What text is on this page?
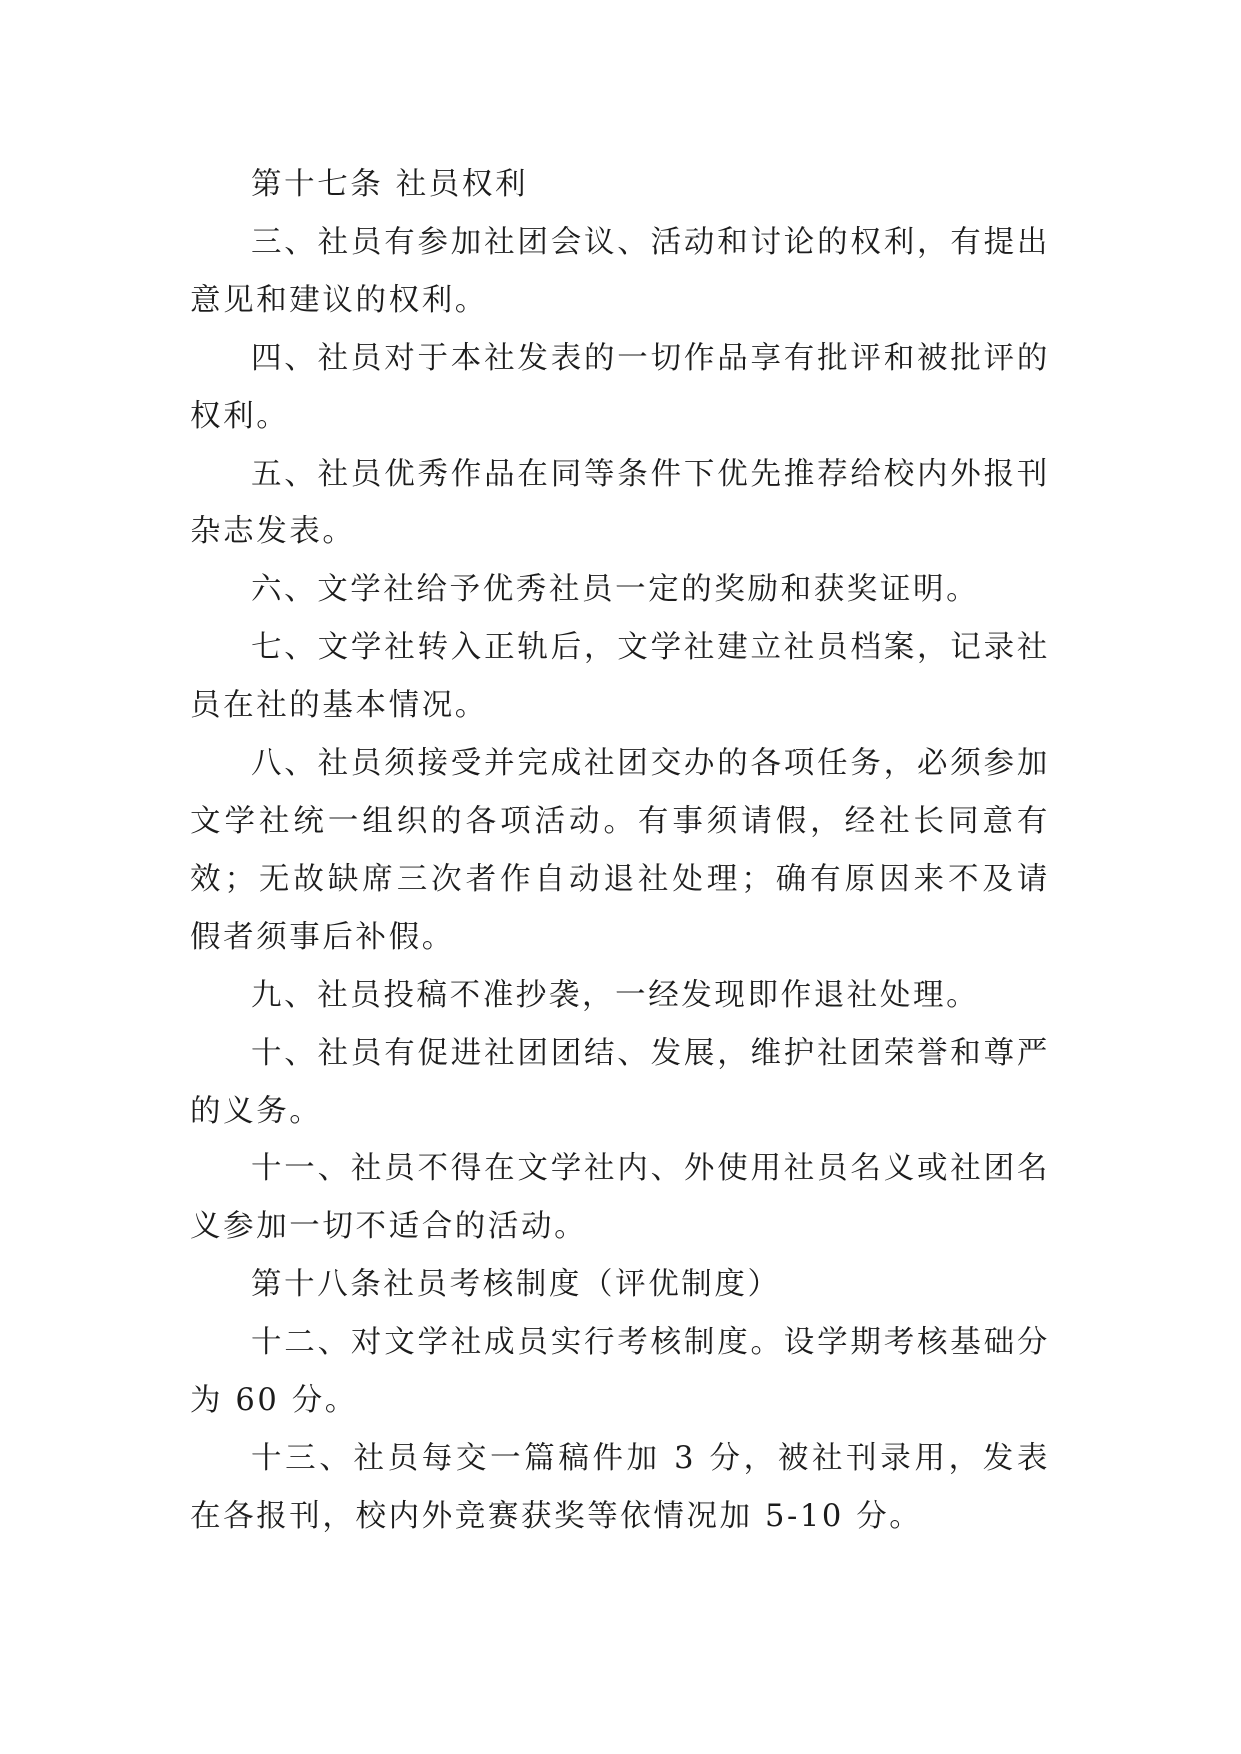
第十七条 社员权利

三、社员有参加社团会议、活动和讨论的权利，有提出意见和建议的权利。

四、社员对于本社发表的一切作品享有批评和被批评的权利。

五、社员优秀作品在同等条件下优先推荐给校内外报刊杂志发表。

六、文学社给予优秀社员一定的奖励和获奖证明。

七、文学社转入正轨后，文学社建立社员档案，记录社员在社的基本情况。

八、社员须接受并完成社团交办的各项任务，必须参加文学社统一组织的各项活动。有事须请假，经社长同意有效；无故缺席三次者作自动退社处理；确有原因来不及请假者须事后补假。

九、社员投稿不准抄袭，一经发现即作退社处理。

十、社员有促进社团团结、发展，维护社团荣誉和尊严的义务。

十一、社员不得在文学社内、外使用社员名义或社团名义参加一切不适合的活动。

第十八条社员考核制度（评优制度）

十二、对文学社成员实行考核制度。设学期考核基础分为 60 分。

十三、社员每交一篇稿件加 3 分，被社刊录用，发表在各报刊，校内外竞赛获奖等依情况加 5-10 分。
